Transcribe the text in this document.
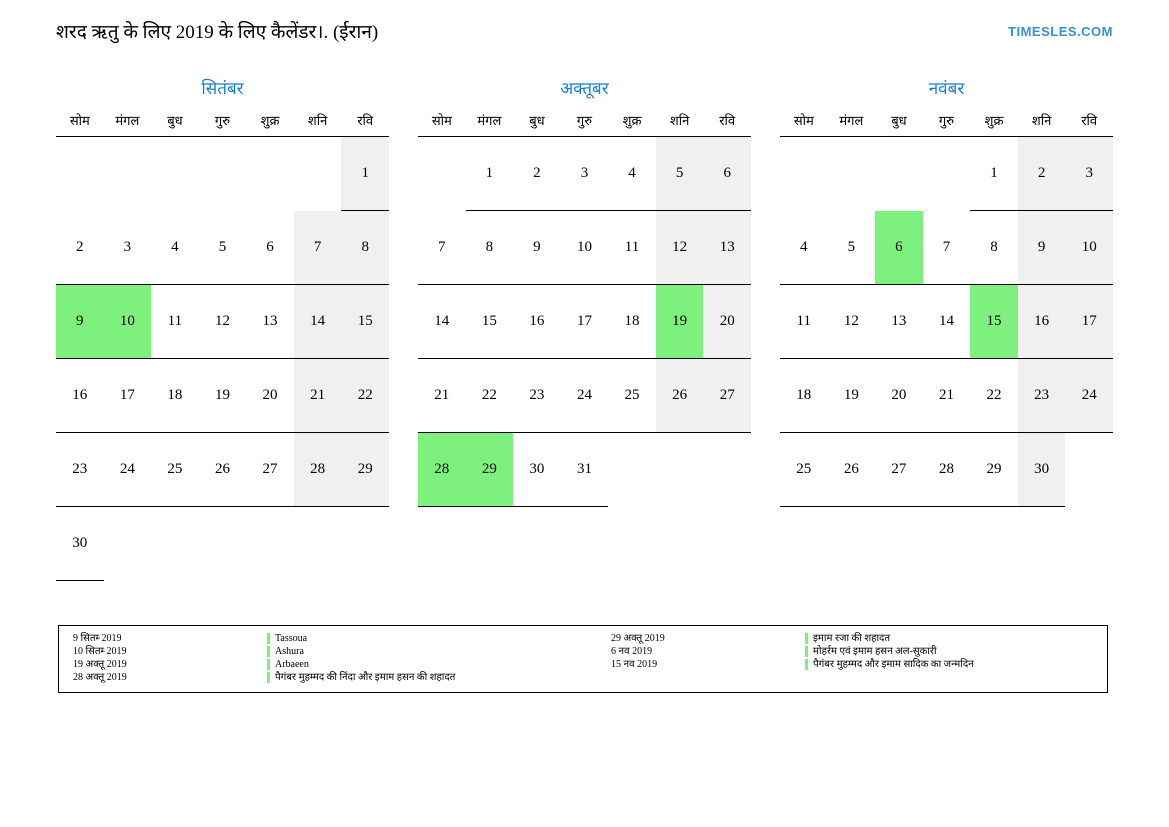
शरद ऋतु के लिए 2019 के लिए कैलेंडर।. (ईरान)	TIMESLES.COM
सितंबर
सोम	मंगल	बुध	गुरु	शुक्र	शनि	रवि
						1
2	3	4	5	6	7	8
9	10	11	12	13	14	15
16	17	18	19	20	21	22
23	24	25	26	27	28	29
30						
अक्तूबर
सोम	मंगल	बुध	गुरु	शुक्र	शनि	रवि
	1	2	3	4	5	6
7	8	9	10	11	12	13
14	15	16	17	18	19	20
21	22	23	24	25	26	27
28	29	30	31			
नवंबर
सोम	मंगल	बुध	गुरु	शुक्र	शनि	रवि
				1	2	3
4	5	6	7	8	9	10
11	12	13	14	15	16	17
18	19	20	21	22	23	24
25	26	27	28	29	30	
9 सितम्‍ 2019	Tassoua	29 अक्तू‍ 2019	इमाम रजा की शहादत
10 सितम्‍ 2019	Ashura	6 नव‍ 2019	मोहर्रम एवं इमाम हसन अल-सुकारी
19 अक्तू‍ 2019	Arbaeen	15 नव‍ 2019	पैगंबर मुहम्मद और इमाम सादिक का जन्मदिन
28 अक्तू‍ 2019	पैगंबर मुहम्मद की निंदा और इमाम हसन की शहादत
